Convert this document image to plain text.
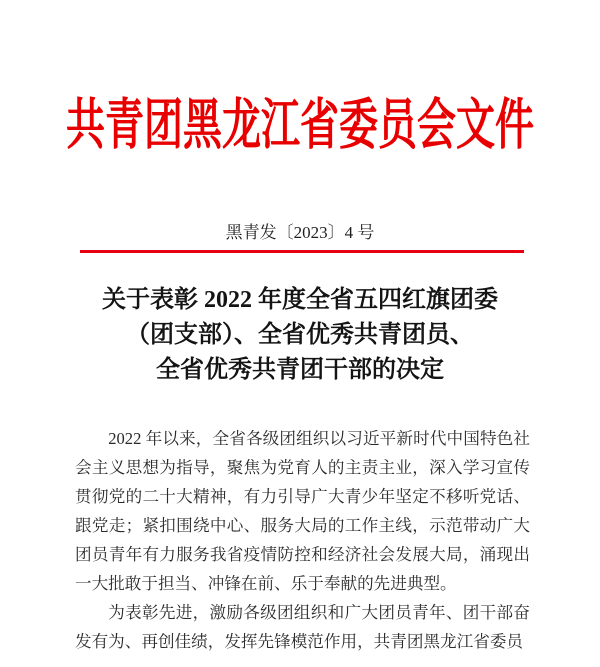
共青团黑龙江省委员会文件
黑青发〔2023〕4 号
关于表彰 2022 年度全省五四红旗团委
（团支部）、全省优秀共青团员、
全省优秀共青团干部的决定

2022 年以来，全省各级团组织以习近平新时代中国特色社会主义思想为指导，聚焦为党育人的主责主业，深入学习宣传贯彻党的二十大精神，有力引导广大青少年坚定不移听党话、跟党走；紧扣围绕中心、服务大局的工作主线，示范带动广大团员青年有力服务我省疫情防控和经济社会发展大局，涌现出一大批敢于担当、冲锋在前、乐于奉献的先进典型。

为表彰先进，激励各级团组织和广大团员青年、团干部奋发有为、再创佳绩，发挥先锋模范作用，共青团黑龙江省委员
